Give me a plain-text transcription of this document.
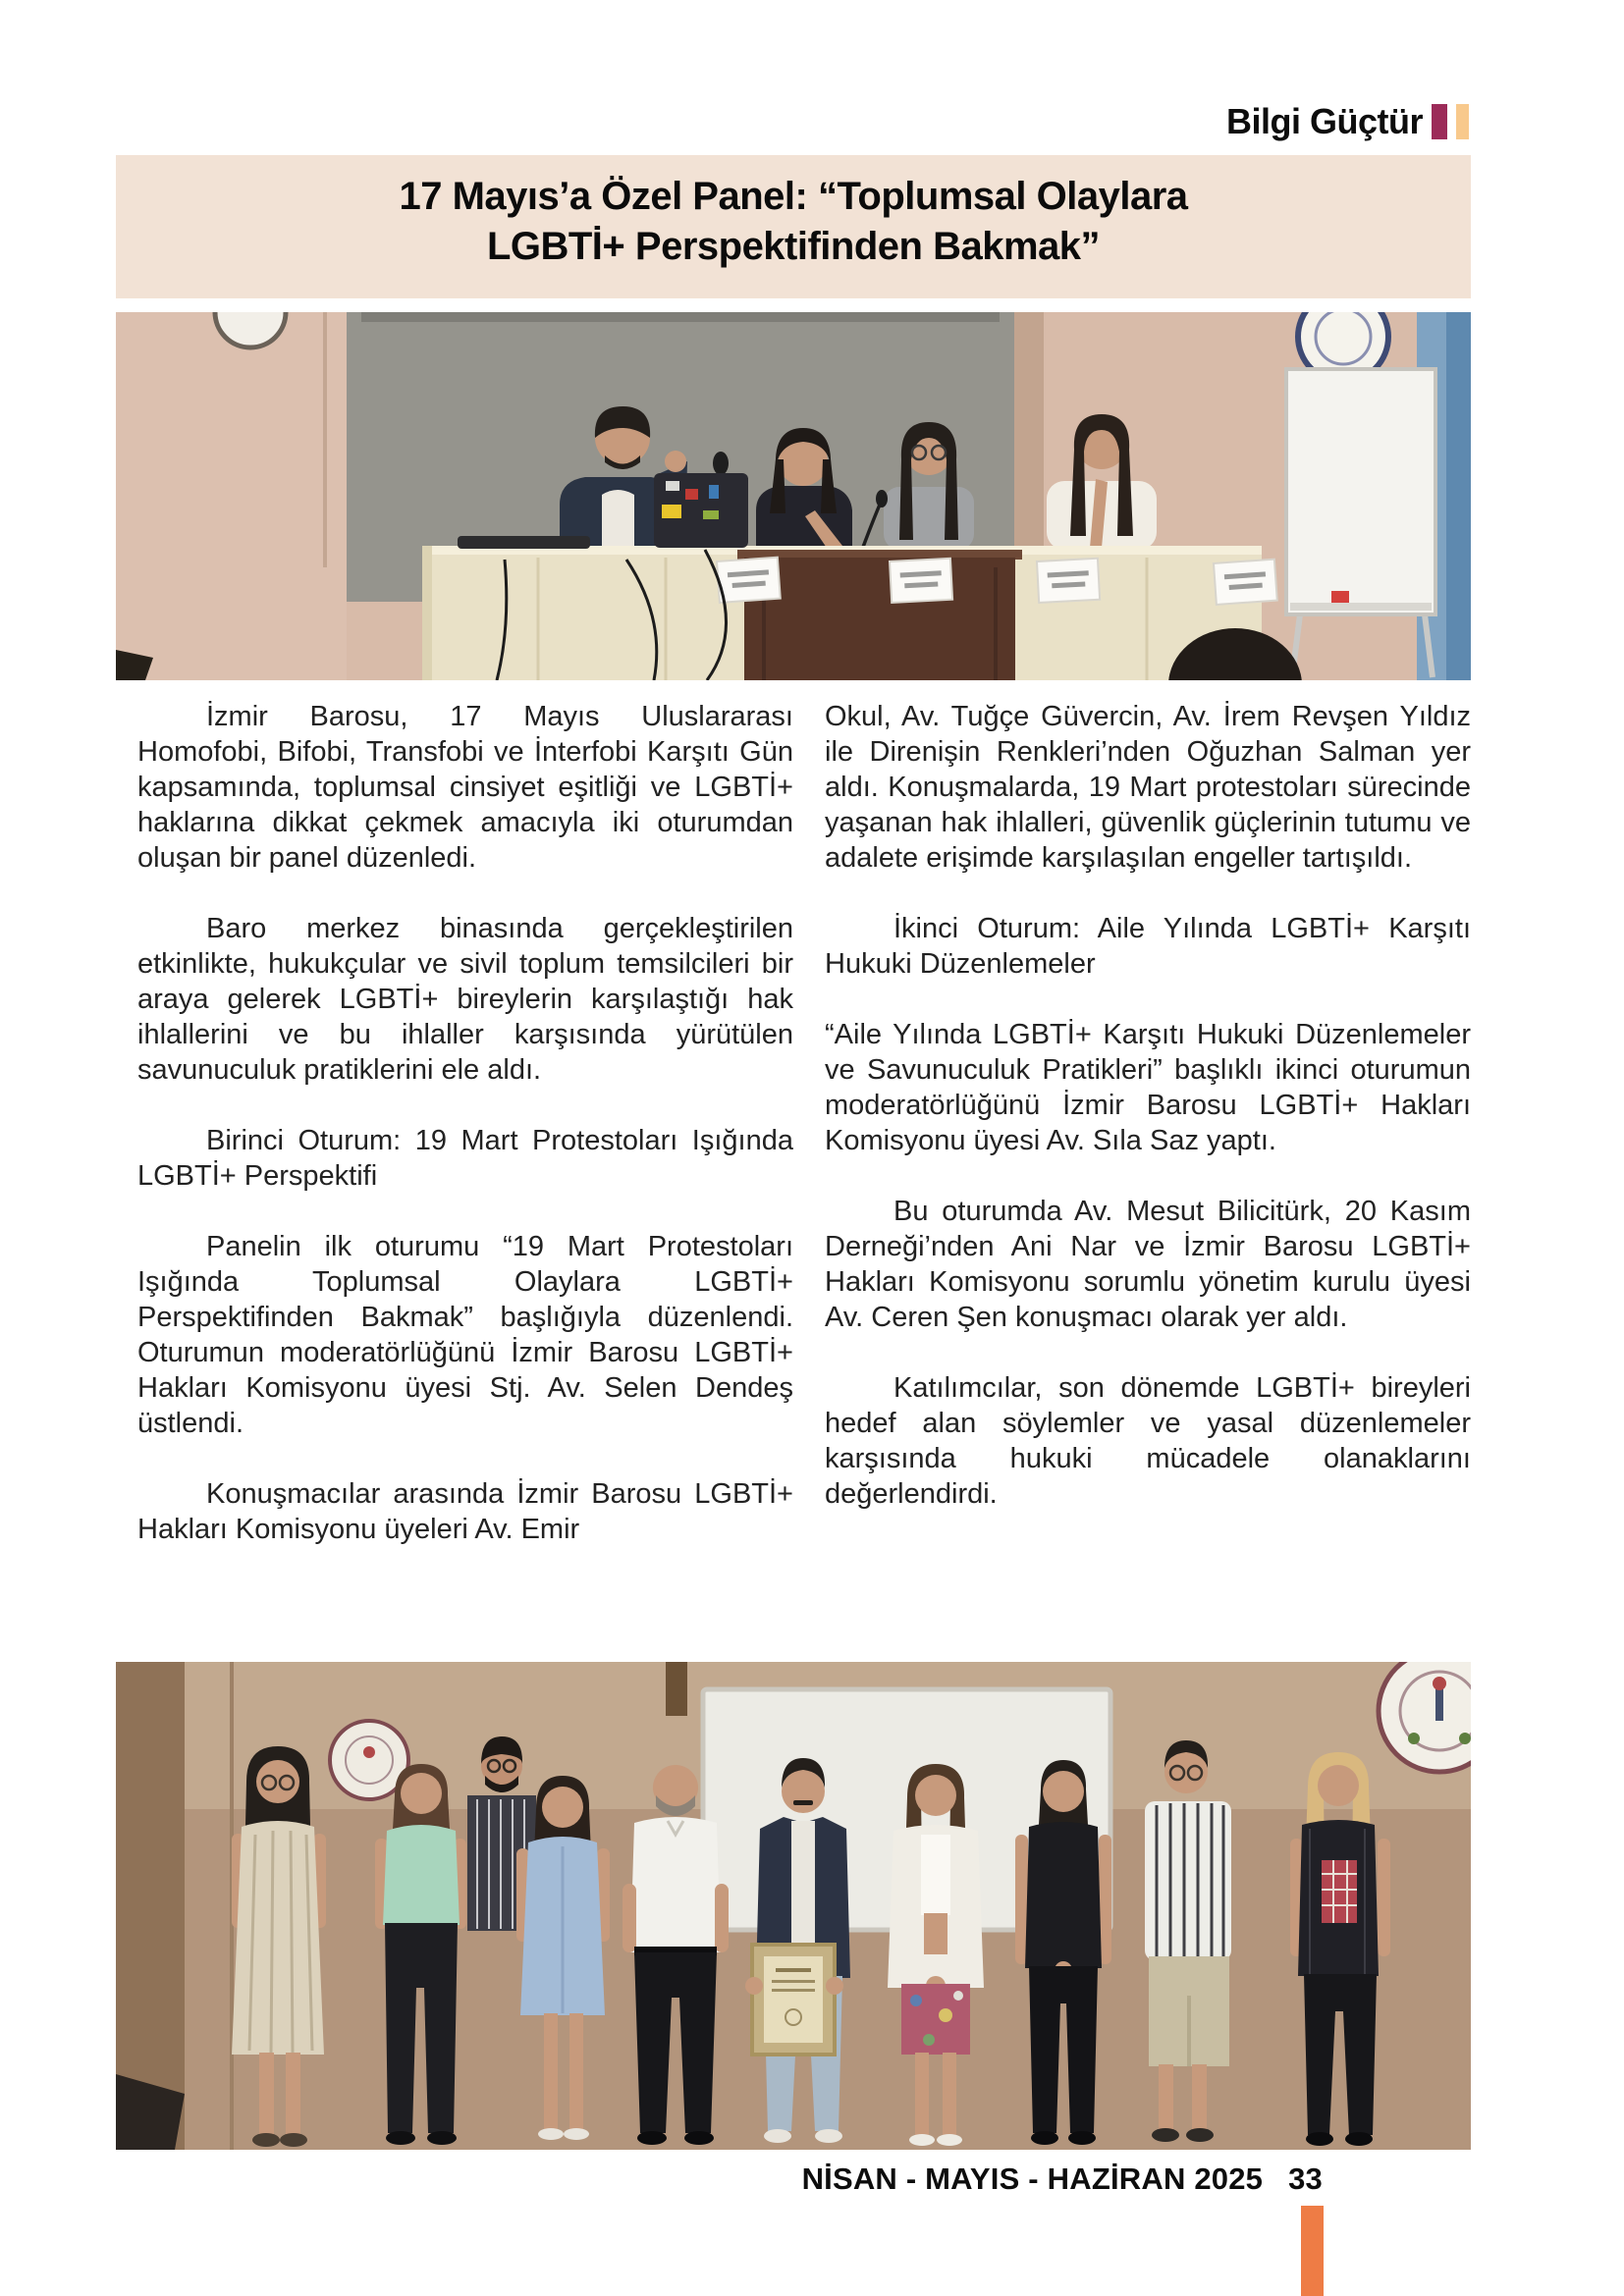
Bilgi Güçtür
17 Mayıs’a Özel Panel: “Toplumsal Olaylara
LGBTİ+ Perspektifinden Bakmak”

İzmir Barosu, 17 Mayıs Uluslararası Homofobi, Bifobi, Transfobi ve İnterfobi Karşıtı Gün kapsamında, toplumsal cinsiyet eşitliği ve LGBTİ+ haklarına dikkat çekmek amacıyla iki oturumdan oluşan bir panel düzenledi.

Baro merkez binasında gerçekleştirilen etkinlikte, hukukçular ve sivil toplum temsilcileri bir araya gelerek LGBTİ+ bireylerin karşılaştığı hak ihlallerini ve bu ihlaller karşısında yürütülen savunuculuk pratiklerini ele aldı.

Birinci Oturum: 19 Mart Protestoları Işığında LGBTİ+ Perspektifi

Panelin ilk oturumu “19 Mart Protestoları Işığında Toplumsal Olaylara LGBTİ+ Perspektifinden Bakmak” başlığıyla düzenlendi. Oturumun moderatörlüğünü İzmir Barosu LGBTİ+ Hakları Komisyonu üyesi Stj. Av. Selen Dendeş üstlendi.

Konuşmacılar arasında İzmir Barosu LGBTİ+ Hakları Komisyonu üyeleri Av. Emir

Okul, Av. Tuğçe Güvercin, Av. İrem Revşen Yıldız ile Direnişin Renkleri’nden Oğuzhan Salman yer aldı. Konuşmalarda, 19 Mart protestoları sürecinde yaşanan hak ihlalleri, güvenlik güçlerinin tutumu ve adalete erişimde karşılaşılan engeller tartışıldı.

İkinci Oturum: Aile Yılında LGBTİ+ Karşıtı Hukuki Düzenlemeler

“Aile Yılında LGBTİ+ Karşıtı Hukuki Düzenlemeler ve Savunuculuk Pratikleri” başlıklı ikinci oturumun moderatörlüğünü İzmir Barosu LGBTİ+ Hakları Komisyonu üyesi Av. Sıla Saz yaptı.

Bu oturumda Av. Mesut Bilicitürk, 20 Kasım Derneği’nden Ani Nar ve İzmir Barosu LGBTİ+ Hakları Komisyonu sorumlu yönetim kurulu üyesi Av. Ceren Şen konuşmacı olarak yer aldı.

Katılımcılar, son dönemde LGBTİ+ bireyleri hedef alan söylemler ve yasal düzenlemeler karşısında hukuki mücadele olanaklarını değerlendirdi.

NİSAN - MAYIS - HAZİRAN 2025 33
